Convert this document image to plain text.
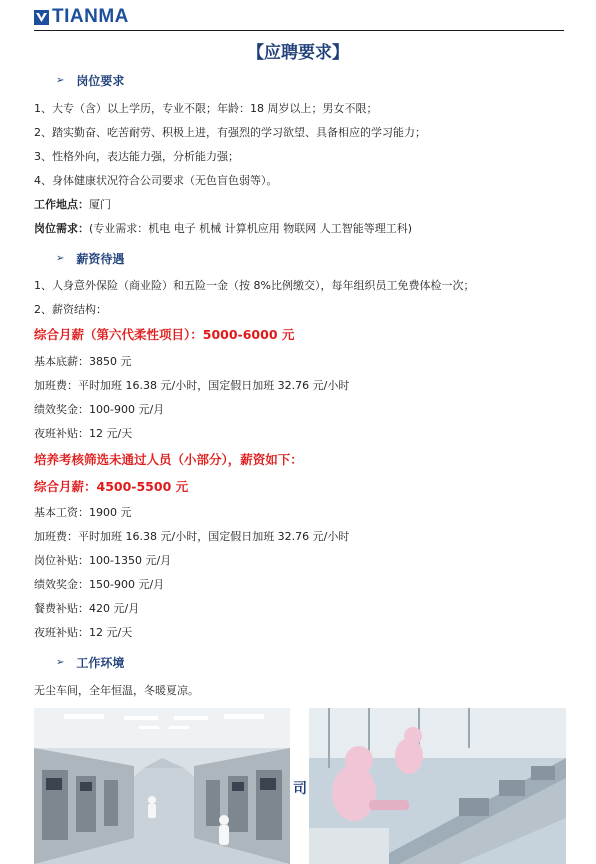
TIANMA
【应聘要求】
➢ 岗位要求
1、大专（含）以上学历，专业不限；年龄：18 周岁以上；男女不限；
2、踏实勤奋、吃苦耐劳、积极上进，有强烈的学习欲望、具备相应的学习能力；
3、性格外向，表达能力强，分析能力强；
4、身体健康状况符合公司要求（无色盲色弱等）。
工作地点：厦门
岗位需求：(专业需求：机电 电子 机械 计算机应用 物联网 人工智能等理工科)
➢ 薪资待遇
1、人身意外保险（商业险）和五险一金（按 8%比例缴交），每年组织员工免费体检一次；
2、薪资结构：
综合月薪（第六代柔性项目）：5000-6000 元
基本底薪：3850 元
加班费：平时加班 16.38 元/小时，国定假日加班 32.76 元/小时
绩效奖金：100-900 元/月
夜班补贴：12 元/天
培养考核筛选未通过人员（小部分），薪资如下：
综合月薪：4500-5500 元
基本工资：1900 元
加班费：平时加班 16.38 元/小时，国定假日加班 32.76 元/小时
岗位补贴：100-1350 元/月
绩效奖金：150-900 元/月
餐费补贴：420 元/月
夜班补贴：12 元/天
➢ 工作环境
无尘车间，全年恒温，冬暖夏凉。
司
